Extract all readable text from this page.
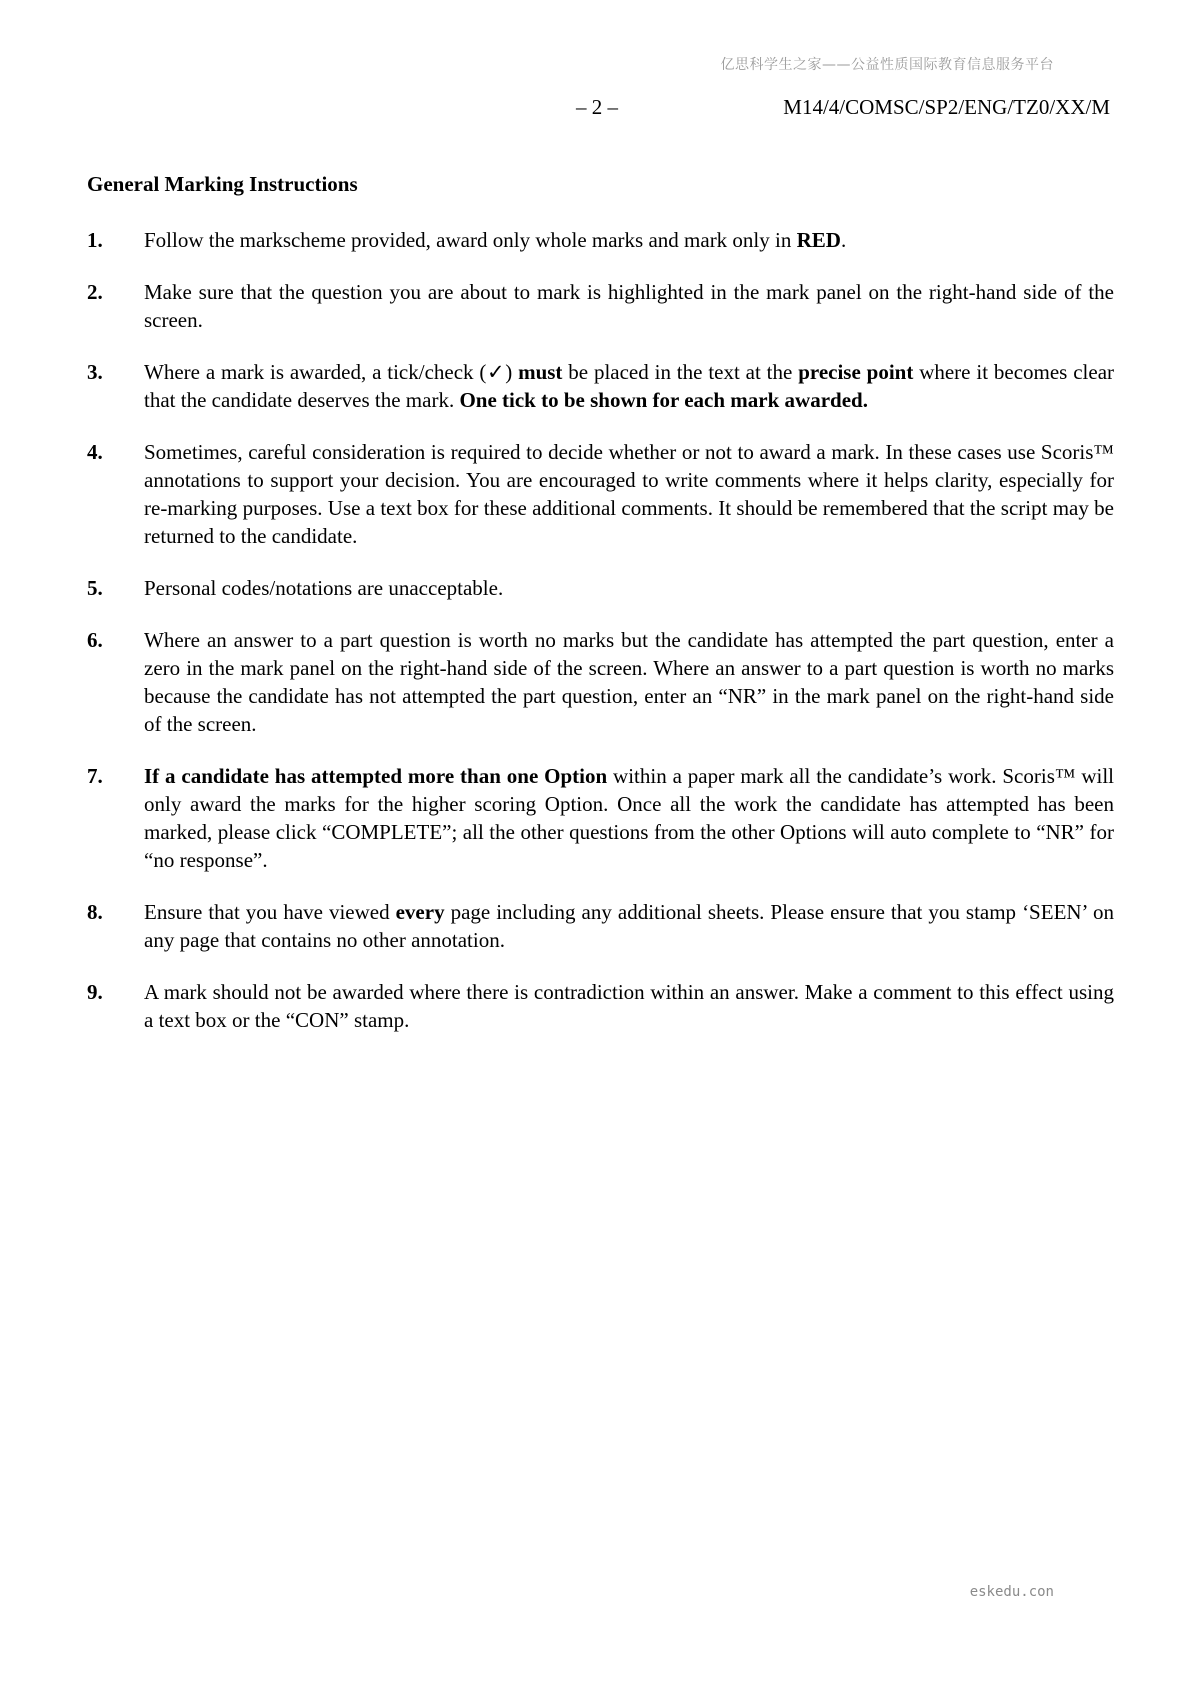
亿思科学生之家——公益性质国际教育信息服务平台
– 2 –	M14/4/COMSC/SP2/ENG/TZ0/XX/M
General Marking Instructions
1.	Follow the markscheme provided, award only whole marks and mark only in RED.
2.	Make sure that the question you are about to mark is highlighted in the mark panel on the right-hand side of the screen.
3.	Where a mark is awarded, a tick/check (✓) must be placed in the text at the precise point where it becomes clear that the candidate deserves the mark. One tick to be shown for each mark awarded.
4.	Sometimes, careful consideration is required to decide whether or not to award a mark. In these cases use Scoris™ annotations to support your decision. You are encouraged to write comments where it helps clarity, especially for re-marking purposes. Use a text box for these additional comments. It should be remembered that the script may be returned to the candidate.
5.	Personal codes/notations are unacceptable.
6.	Where an answer to a part question is worth no marks but the candidate has attempted the part question, enter a zero in the mark panel on the right-hand side of the screen. Where an answer to a part question is worth no marks because the candidate has not attempted the part question, enter an “NR” in the mark panel on the right-hand side of the screen.
7.	If a candidate has attempted more than one Option within a paper mark all the candidate’s work. Scoris™ will only award the marks for the higher scoring Option. Once all the work the candidate has attempted has been marked, please click “COMPLETE”; all the other questions from the other Options will auto complete to “NR” for “no response”.
8.	Ensure that you have viewed every page including any additional sheets. Please ensure that you stamp ‘SEEN’ on any page that contains no other annotation.
9.	A mark should not be awarded where there is contradiction within an answer. Make a comment to this effect using a text box or the “CON” stamp.
eskedu.con
